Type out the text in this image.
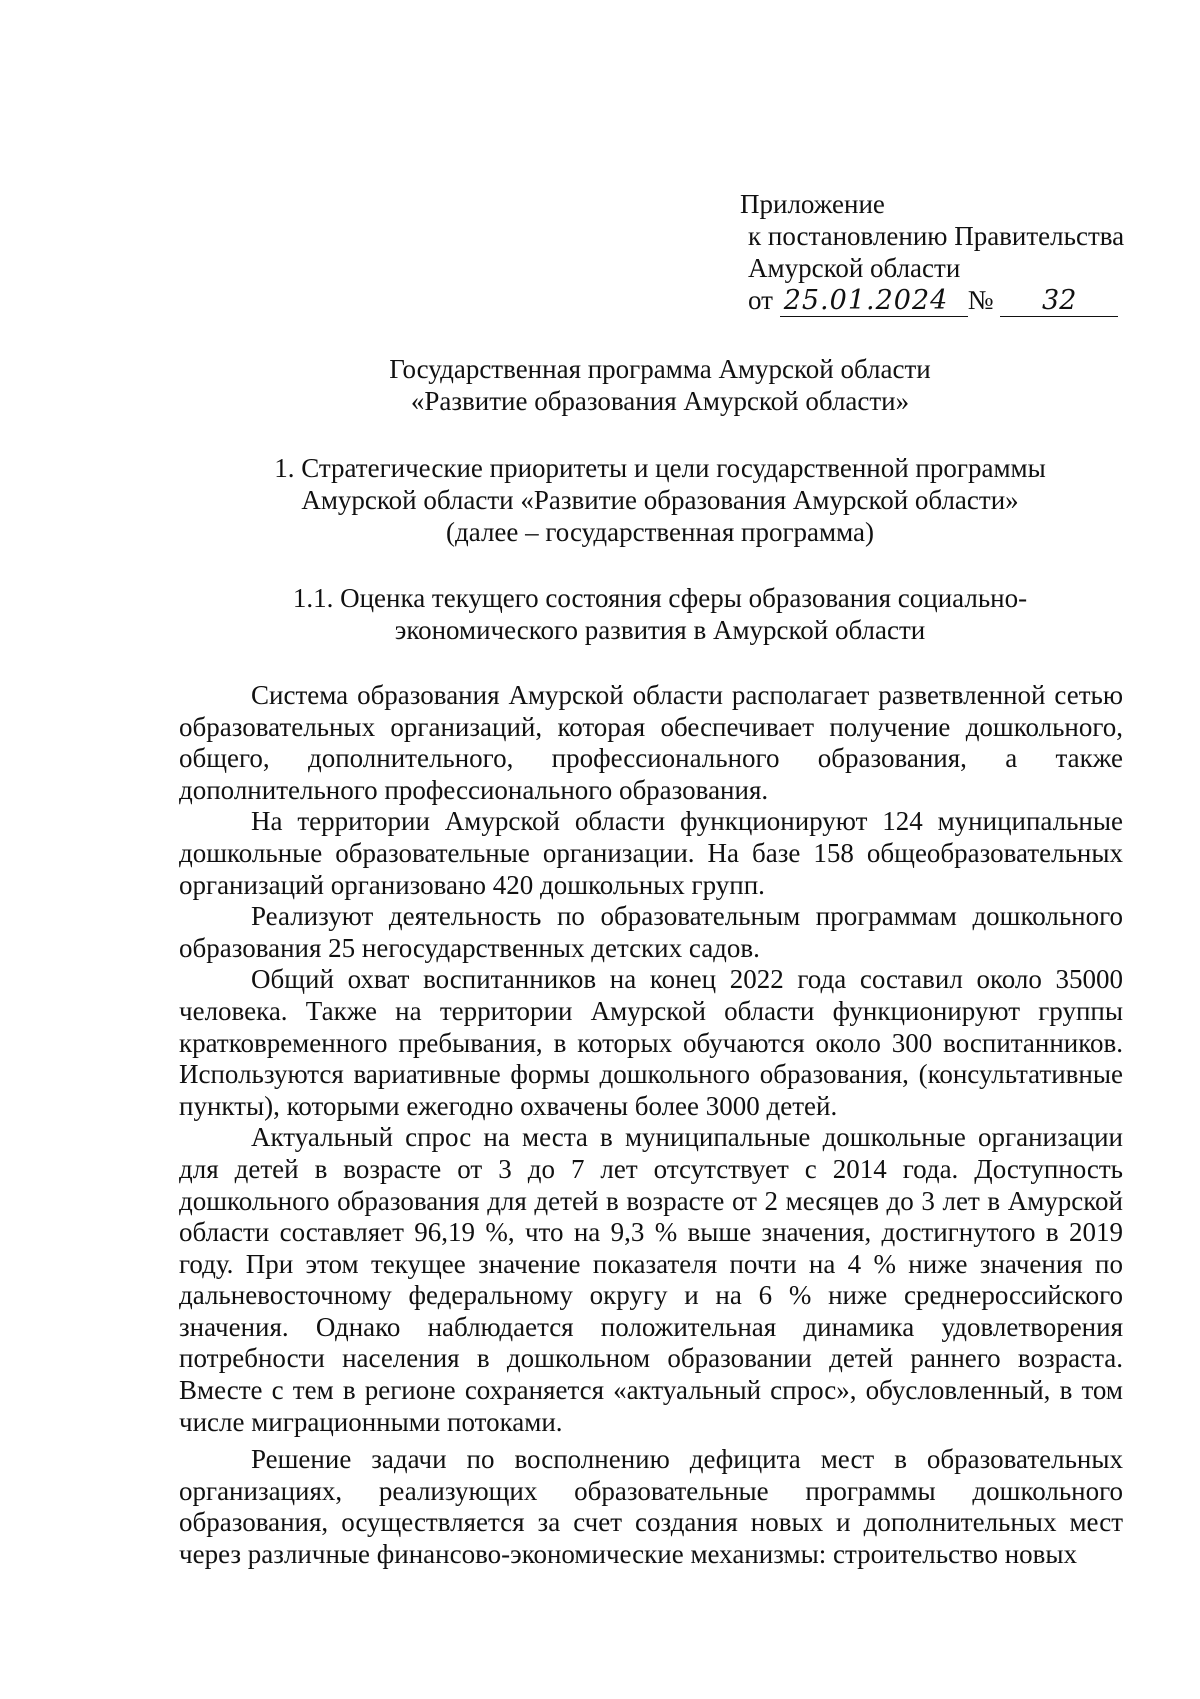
Приложение
к постановлению Правительства
Амурской области
от 25.01.2024 № 32
Государственная программа Амурской области
«Развитие образования Амурской области»
1. Стратегические приоритеты и цели государственной программы
Амурской области «Развитие образования Амурской области»
(далее – государственная программа)
1.1. Оценка текущего состояния сферы образования социально-
экономического развития в Амурской области

Система образования Амурской области располагает разветвленной сетью образовательных организаций, которая обеспечивает получение дошкольного, общего, дополнительного, профессионального образования, а также дополнительного профессионального образования.

На территории Амурской области функционируют 124 муниципальные дошкольные образовательные организации. На базе 158 общеобразовательных организаций организовано 420 дошкольных групп.

Реализуют деятельность по образовательным программам дошкольного образования 25 негосударственных детских садов.

Общий охват воспитанников на конец 2022 года составил около 35000 человека. Также на территории Амурской области функционируют группы кратковременного пребывания, в которых обучаются около 300 воспитанников. Используются вариативные формы дошкольного образования, (консультативные пункты), которыми ежегодно охвачены более 3000 детей.

Актуальный спрос на места в муниципальные дошкольные организации для детей в возрасте от 3 до 7 лет отсутствует с 2014 года. Доступность дошкольного образования для детей в возрасте от 2 месяцев до 3 лет в Амурской области составляет 96,19 %, что на 9,3 % выше значения, достигнутого в 2019 году. При этом текущее значение показателя почти на 4 % ниже значения по дальневосточному федеральному округу и на 6 % ниже среднероссийского значения. Однако наблюдается положительная динамика удовлетворения потребности населения в дошкольном образовании детей раннего возраста. Вместе с тем в регионе сохраняется «актуальный спрос», обусловленный, в том числе миграционными потоками.

Решение задачи по восполнению дефицита мест в образовательных организациях, реализующих образовательные программы дошкольного образования, осуществляется за счет создания новых и дополнительных мест через различные финансово-экономические механизмы: строительство новых
